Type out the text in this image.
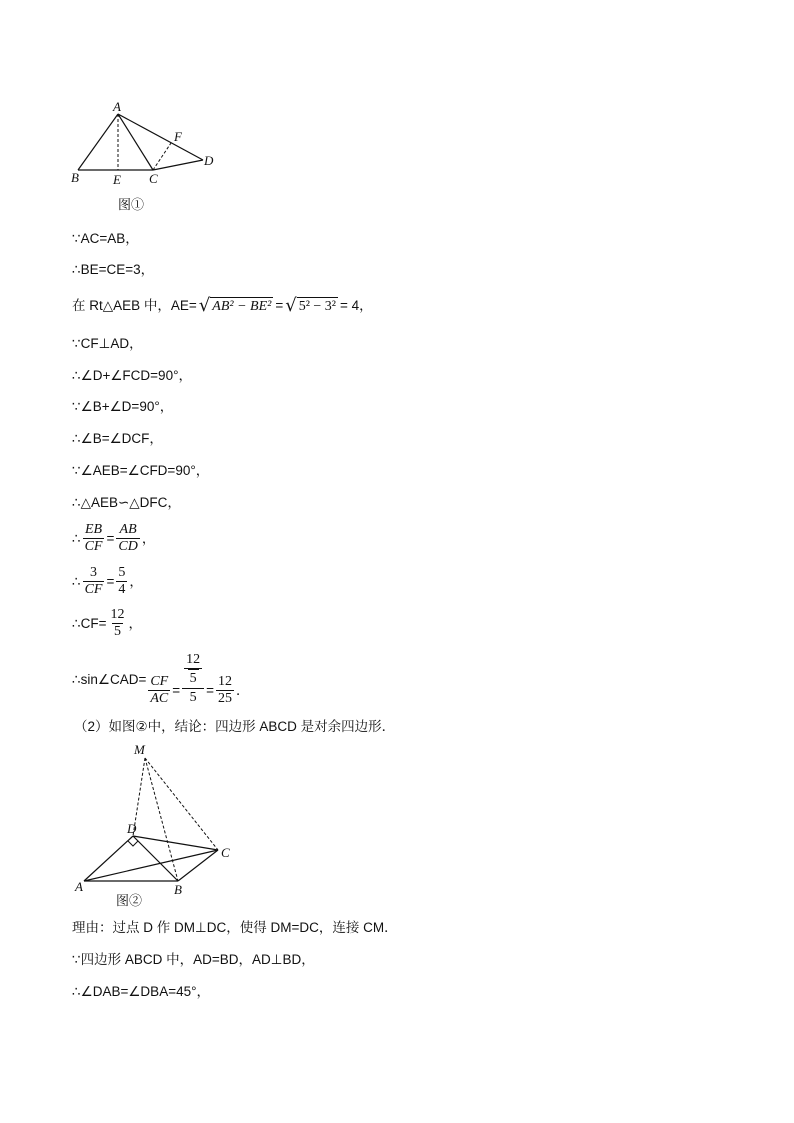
A
B	E C
D
F
图①
∵AC=AB，
∴BE=CE=3，
在 Rt△AEB 中，AE= √ AB² − BE² = √ 5² − 3² = 4，
∵CF⊥AD，
∴∠D+∠FCD=90°，
∵∠B+∠D=90°，
∴∠B=∠DCF，
∵∠AEB=∠CFD=90°，
∴△AEB∽△DFC，
∴ $\frac{EB}{CF} = \frac{AB}{CD}$ ，
∴ $\frac{3}{CF} = \frac{5}{4}$ ，
∴CF= $\frac{12}{5}$ ，
∴sin∠CAD= $\frac{CF}{AC} = \frac{\frac{12}{5}}{5} = \frac{12}{25}$ ．
（2）如图②中，结论：四边形 ABCD 是对余四边形．
M
D
C
A	B
图②
理由：过点 D 作 DM⊥DC，使得 DM=DC，连接 CM．
∵四边形 ABCD 中，AD=BD，AD⊥BD，
∴∠DAB=∠DBA=45°，
